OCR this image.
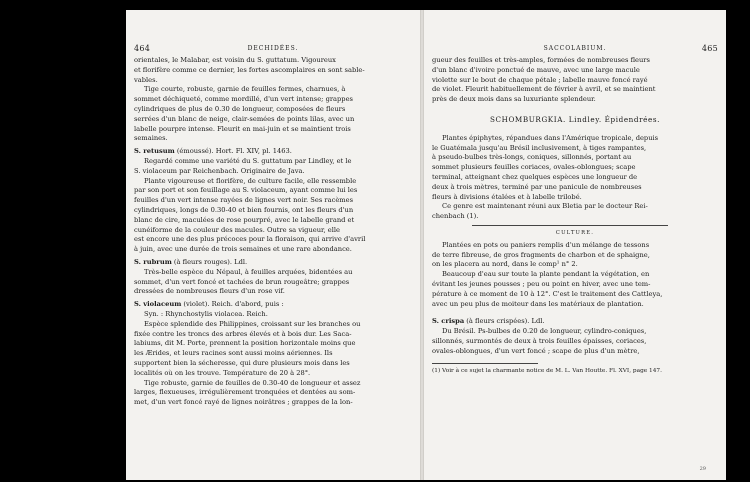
464	DECHIDÉES.

orientales, le Malabar, est voisin du S. guttatum. Vigoureux

et florifère comme ce dernier, les fortes ascomplaires en sont sable-

vables.

Tige courte, robuste, garnie de feuilles fermes, charnues, à

sommet déchiqueté, comme mordillé, d'un vert intense; grappes

cylindriques de plus de 0.30 de longueur, composées de fleurs

serrées d'un blanc de neige, clair-semées de points lilas, avec un

labelle pourpre intense. Fleurit en mai-juin et se maintient trois

semaines.

S. retusum (émoussé). Hort. Fl. XIV, pl. 1463.

Regardé comme une variété du S. guttatum par Lindley, et le

S. violaceum par Reichenbach. Originaire de Java.

Plante vigoureuse et florifère, de culture facile, elle ressemble

par son port et son feuillage au S. violaceum, ayant comme lui les

feuilles d'un vert intense rayées de lignes vert noir. Ses racèmes

cylindriques, longs de 0.30-40 et bien fournis, ont les fleurs d'un

blanc de cire, maculées de rose pourpré, avec le labelle grand et

cunéiforme de la couleur des macules. Outre sa vigueur, elle

est encore une des plus précoces pour la floraison, qui arrive d'avril

à juin, avec une durée de trois semaines et une rare abondance.

S. rubrum (à fleurs rouges). Ldl.

Très-belle espèce du Népaul, à feuilles arquées, bidentées au

sommet, d'un vert foncé et tachées de brun rougeâtre; grappes

dressées de nombreuses fleurs d'un rose vif.

S. violaceum (violet). Reich. d'abord, puis :

Syn. : Rhynchostylis violacea. Reich.

Espèce splendide des Philippines, croissant sur les branches ou

fixée contre les troncs des arbres élevés et à bois dur. Les Saca-

labiums, dit M. Porte, prennent la position horizontale moins que

les Ærides, et leurs racines sont aussi moins aériennes. Ils

supportent bien la sécheresse, qui dure plusieurs mois dans les

localités où on les trouve. Température de 20 à 28°.

Tige robuste, garnie de feuilles de 0.30-40 de longueur et assez

larges, flexueuses, irrégulièrement tronquées et dentées au som-

met, d'un vert foncé rayé de lignes noirâtres ; grappes de la lon-

SACCOLABIUM.	465

gueur des feuilles et très-amples, formées de nombreuses fleurs

d'un blanc d'ivoire ponctué de mauve, avec une large macule

violette sur le bout de chaque pétale ; labelle mauve foncé rayé

de violet. Fleurit habituellement de février à avril, et se maintient

près de deux mois dans sa luxuriante splendeur.

SCHOMBURGKIA. Lindley. Épidendrées.

Plantes épiphytes, répandues dans l'Amérique tropicale, depuis

le Guatémala jusqu'au Brésil inclusivement, à tiges rampantes,

à pseudo-bulbes très-longs, coniques, sillonnés, portant au

sommet plusieurs feuilles coriaces, ovales-oblongues; scape

terminal, atteignant chez quelques espèces une longueur de

deux à trois mètres, terminé par une panicule de nombreuses

fleurs à divisions étalées et à labelle trilobé.

Ce genre est maintenant réuni aux Bletia par le docteur Rei-

chenbach (1).

CULTURE.

Plantées en pots ou paniers remplis d'un mélange de tessons

de terre fibreuse, de gros fragments de charbon et de sphaigne,

on les placera au nord, dans le comp¹ n° 2.

Beaucoup d'eau sur toute la plante pendant la végétation, en

évitant les jeunes pousses ; peu ou point en hiver, avec une tem-

pérature à ce moment de 10 à 12°. C'est le traitement des Cattleya,

avec un peu plus de moiteur dans les matériaux de plantation.

S. crispa (à fleurs crispées). Ldl.

Du Brésil. Ps-bulbes de 0.20 de longueur, cylindro-coniques,

sillonnés, surmontés de deux à trois feuilles épaisses, coriaces,

ovales-oblongues, d'un vert foncé ; scape de plus d'un mètre,

(1) Voir à ce sujet la charmante notice de M. L. Van Houtte. Fl. XVI, page 147.

29
